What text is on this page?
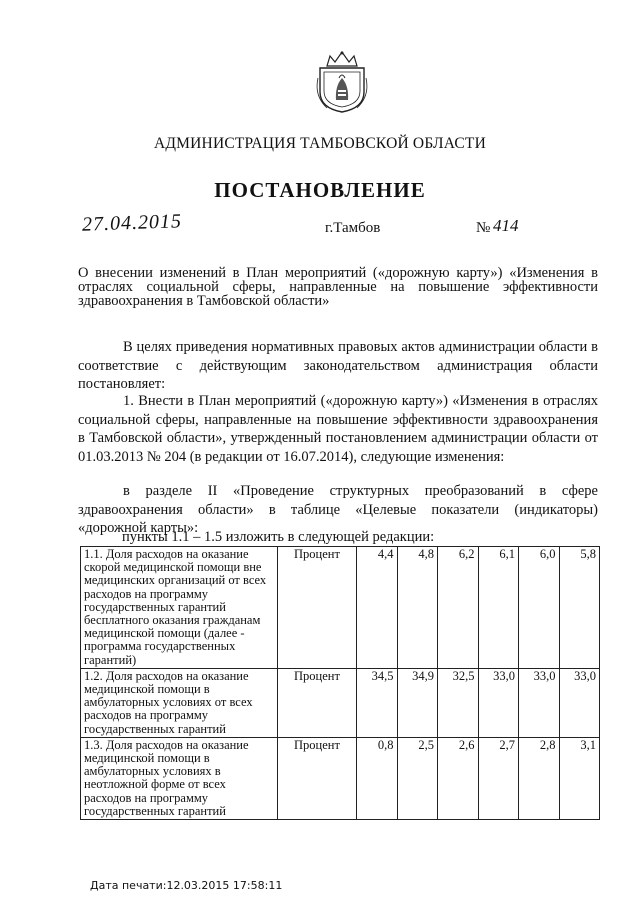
АДМИНИСТРАЦИЯ ТАМБОВСКОЙ ОБЛАСТИ
ПОСТАНОВЛЕНИЕ
27.04.2015	г.Тамбов	№ 414
О внесении изменений в План мероприятий («дорожную карту») «Изменения в отраслях социальной сферы, направленные на повышение эффективности здравоохранения в Тамбовской области»
В целях приведения нормативных правовых актов администрации области в соответствие с действующим законодательством администрация области постановляет:
1. Внести в План мероприятий («дорожную карту») «Изменения в отраслях социальной сферы, направленные на повышение эффективности здравоохранения в Тамбовской области», утвержденный постановлением администрации области от 01.03.2013 № 204 (в редакции от 16.07.2014), следующие изменения:
в разделе II «Проведение структурных преобразований в сфере здравоохранения области» в таблице «Целевые показатели (индикаторы) «дорожной карты»:
пункты 1.1 – 1.5 изложить в следующей редакции:
1.1. Доля расходов на оказание скорой медицинской помощи вне медицинских организаций от всех расходов на программу государственных гарантий бесплатного оказания гражданам медицинской помощи (далее - программа государственных гарантий)	Процент	4,4	4,8	6,2	6,1	6,0	5,8
1.2. Доля расходов на оказание медицинской помощи в амбулаторных условиях от всех расходов на программу государственных гарантий	Процент	34,5	34,9	32,5	33,0	33,0	33,0
1.3. Доля расходов на оказание медицинской помощи в амбулаторных условиях в неотложной форме от всех расходов на программу государственных гарантий	Процент	0,8	2,5	2,6	2,7	2,8	3,1
Дата печати:12.03.2015 17:58:11
